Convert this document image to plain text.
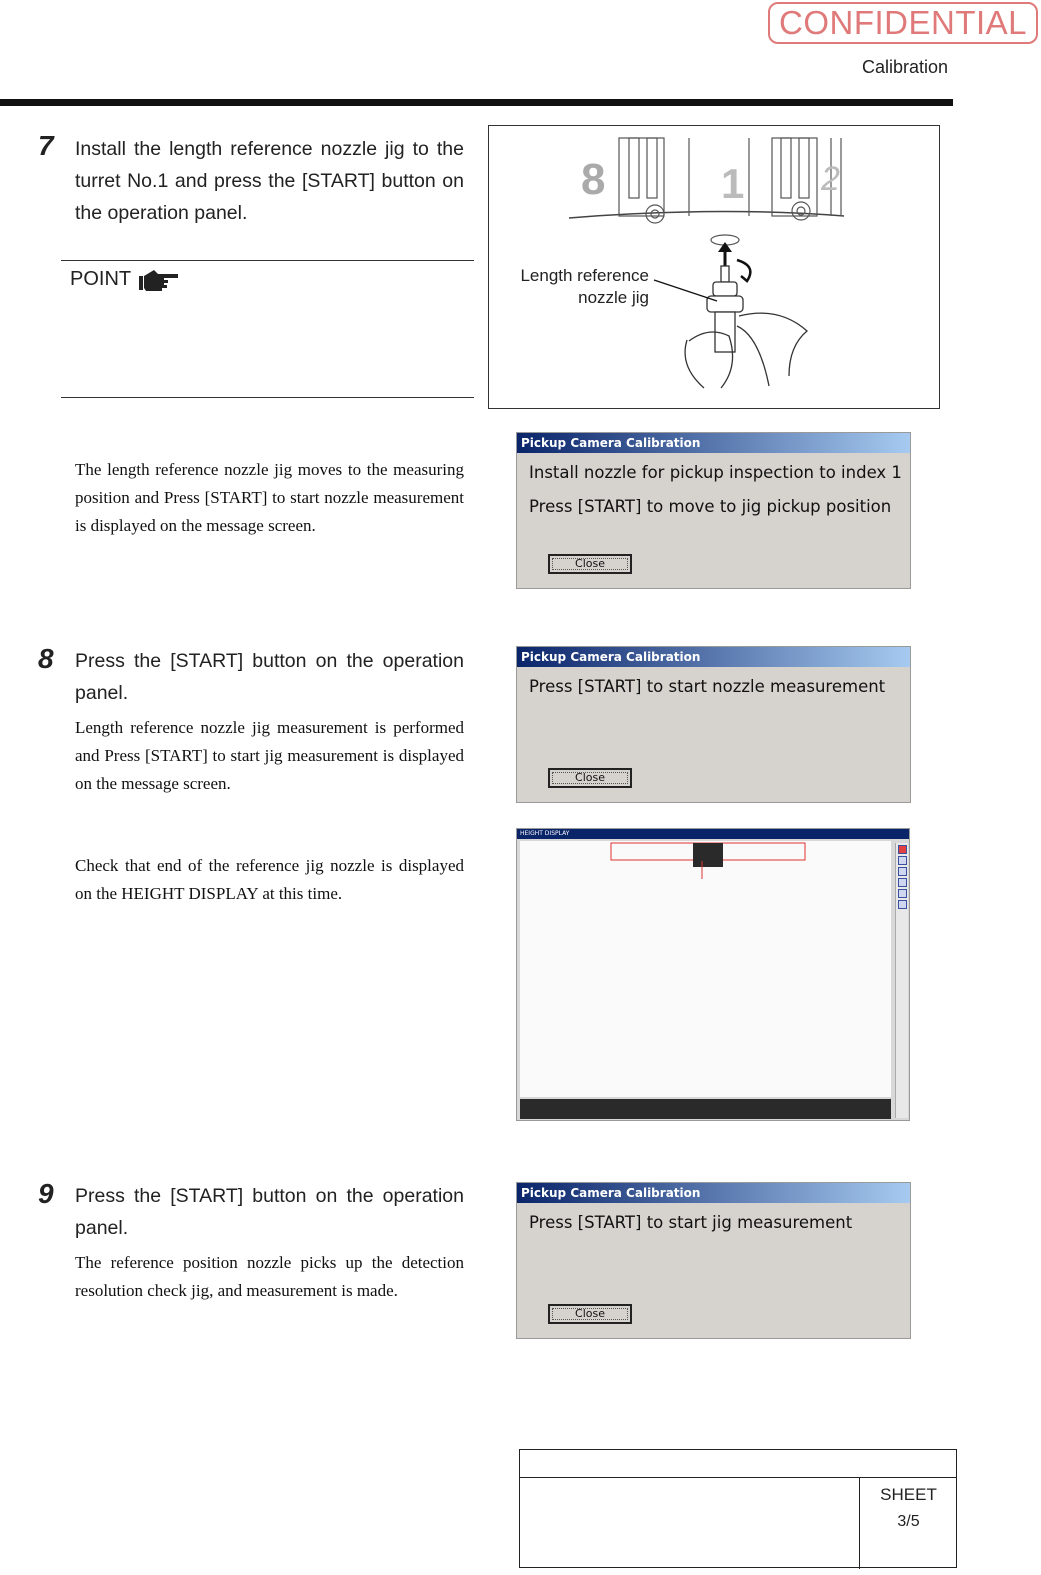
CONFIDENTIAL
Calibration
7 Install the length reference nozzle jig to the turret No.1 and press the [START] button on the operation panel.
POINT
8	1 2
Length reference
nozzle jig
The length reference nozzle jig moves to the measuring position and Press [START] to start nozzle measurement is displayed on the message screen.
Pickup Camera Calibration
Install nozzle for pickup inspection to index 1
Press [START] to move to jig pickup position
Close
8 Press the [START] button on the operation panel.
Length reference nozzle jig measurement is performed and Press [START] to start jig measurement is displayed on the message screen.
Pickup Camera Calibration
Press [START] to start nozzle measurement
Close
Check that end of the reference jig nozzle is displayed on the HEIGHT DISPLAY at this time.
HEIGHT DISPLAY
9 Press the [START] button on the operation panel.
The reference position nozzle picks up the detection resolution check jig, and measurement is made.
Pickup Camera Calibration
Press [START] to start jig measurement
Close
SHEET
3/5
